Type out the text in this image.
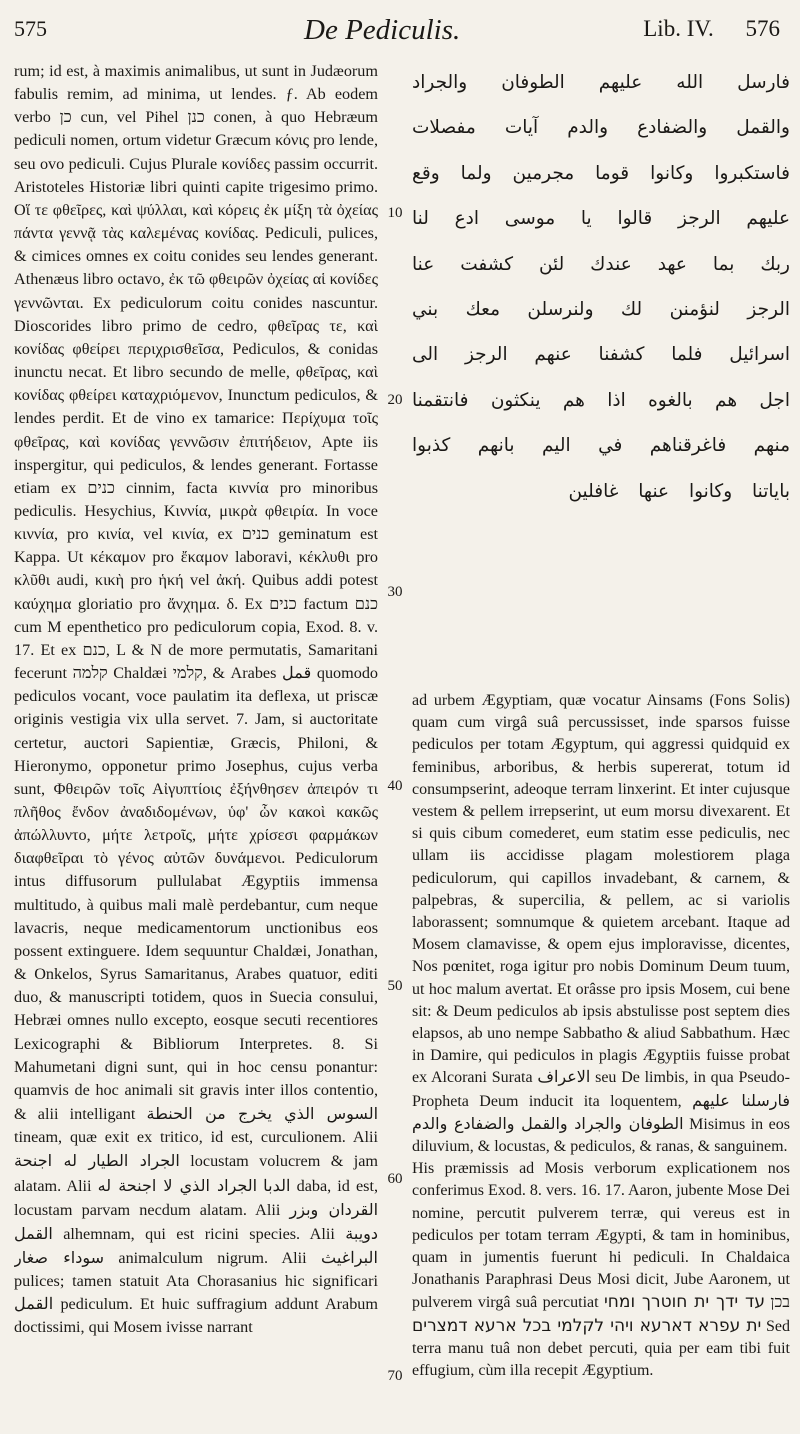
575	De Pediculis.	Lib. IV. 576

rum; id est, à maximis animalibus, ut sunt in Judæorum fabulis remim, ad minima, ut lendes. ƒ. Ab eodem verbo כן cun, vel Pihel כנן conen, à quo Hebræum pediculi nomen, ortum videtur Græcum κόνις pro lende, seu ovo pediculi. Cujus Plurale κονίδες passim occurrit. Aristoteles Historiæ libri quinti capite trigesimo primo. Οἵ τε φθεῖρες, καὶ ψύλλαι, καὶ κόρεις ἐκ μίξη τὰ ὀχείας πάντα γεννᾷ τὰς καλεμένας κονίδας. Pediculi, pulices, & cimices omnes ex coitu conides seu lendes generant. Athenæus libro octavo, ἐκ τῶ φθειρῶν ὀχείας αἱ κονίδες γεννῶνται. Ex pediculorum coitu conides nascuntur. Dioscorides libro primo de cedro, φθεῖρας τε, καὶ κονίδας φθείρει περιχρισθεῖσα, Pediculos, & conidas inunctu necat. Et libro secundo de melle, φθεῖρας, καὶ κονίδας φθείρει καταχριόμενον, Inunctum pediculos, & lendes perdit. Et de vino ex tamarice: Περίχυμα τοῖς φθεῖρας, καὶ κονίδας γεννῶσιν ἐπιτήδειον, Apte iis inspergitur, qui pediculos, & lendes generant. Fortasse etiam ex כנים cinnim, facta κιννία pro minoribus pediculis. Hesychius, Κιννία, μικρὰ φθειρία. In voce κιννία, pro κινία, vel κινία, ex כנים geminatum est Kappa. Ut κέκαμον pro ἔκαμον laboravi, κέκλυθι pro κλῦθι audi, κικὴ pro ἡκή vel ἀκή. Quibus addi potest καύχημα gloriatio pro ἄνχημα. δ. Ex כנים factum כנם cum M epenthetico pro pediculorum copia, Exod. 8. v. 17. Et ex כנם, L & N de more permutatis, Samaritani fecerunt קלמה Chaldæi קלמי, & Arabes قمل quomodo pediculos vocant, voce paulatim ita deflexa, ut priscæ originis vestigia vix ulla servet. 7. Jam, si auctoritate certetur, auctori Sapientiæ, Græcis, Philoni, & Hieronymo, opponetur primo Josephus, cujus verba sunt, Φθειρῶν τοῖς Αἰγυπτίοις ἐξήνθησεν ἀπειρόν τι πλῆθος ἔνδον ἀναδιδομένων, ὑφ' ὧν κακοὶ κακῶς ἀπώλλυντο, μήτε λετροῖς, μήτε χρίσεσι φαρμάκων διαφθεῖραι τὸ γένος αὐτῶν δυνάμενοι. Pediculorum intus diffusorum pullulabat Ægyptiis immensa multitudo, à quibus mali malè perdebantur, cum neque lavacris, neque medicamentorum unctionibus eos possent extinguere. Idem sequuntur Chaldæi, Jonathan, & Onkelos, Syrus Samaritanus, Arabes quatuor, editi duo, & manuscripti totidem, quos in Suecia consului, Hebræi omnes nullo excepto, eosque secuti recentiores Lexicographi & Bibliorum Interpretes. 8. Si Mahumetani digni sunt, qui in hoc censu ponantur: quamvis de hoc animali sit gravis inter illos contentio, & alii intelligant السوس الذي يخرج من الحنطة tineam, quæ exit ex tritico, id est, curculionem. Alii الجراد الطيار له اجنحة locustam volucrem & jam alatam. Alii الدبا الجراد الذي لا اجنحة له daba, id est, locustam parvam necdum alatam. Alii القردان وبزر القمل alhemnam, qui est ricini species. Alii دويبة سوداء صغار animalculum nigrum. Alii البراغيث pulices; tamen statuit Ata Chorasanius hic significari القمل pediculum. Et huic suffragium addunt Arabum doctissimi, qui Mosem ivisse narrant

10
20
30
40
50
60
70
فارسل الله عليهم الطوفان والجراد والقمل والضفادع والدم آيات مفصلات فاستكبروا وكانوا قوما مجرمين ولما وقع عليهم الرجز قالوا يا موسى ادع لنا ربك بما عهد عندك لئن كشفت عنا الرجز لنؤمنن لك ولنرسلن معك بني اسرائيل فلما كشفنا عنهم الرجز الى اجل هم بالغوه اذا هم ينكثون فانتقمنا منهم فاغرقناهم في اليم بانهم كذبوا باياتنا وكانوا عنها غافلين

ad urbem Ægyptiam, quæ vocatur Ainsams (Fons Solis) quam cum virgâ suâ percussisset, inde sparsos fuisse pediculos per totam Ægyptum, qui aggressi quidquid ex feminibus, arboribus, & herbis supererat, totum id consumpserint, adeoque terram linxerint. Et inter cujusque vestem & pellem irrepserint, ut eum morsu divexarent. Et si quis cibum comederet, eum statim esse pediculis, nec ullam iis accidisse plagam molestiorem plaga pediculorum, qui capillos invadebant, & carnem, & palpebras, & supercilia, & pellem, ac si variolis laborassent; somnumque & quietem arcebant. Itaque ad Mosem clamavisse, & opem ejus imploravisse, dicentes, Nos pœnitet, roga igitur pro nobis Dominum Deum tuum, ut hoc malum avertat. Et orâsse pro ipsis Mosem, cui bene sit: & Deum pediculos ab ipsis abstulisse post septem dies elapsos, ab uno nempe Sabbatho & aliud Sabbathum. Hæc in Damire, qui pediculos in plagis Ægyptiis fuisse probat ex Alcorani Surata الاعراف seu De limbis, in qua Pseudo-Propheta Deum inducit ita loquentem, فارسلنا عليهم الطوفان والجراد والقمل والضفادع والدم Misimus in eos diluvium, & locustas, & pediculos, & ranas, & sanguinem.

His præmissis ad Mosis verborum explicationem nos conferimus Exod. 8. vers. 16. 17. Aaron, jubente Mose Dei nomine, percutit pulverem terræ, qui vereus est in pediculos per totam terram Ægypti, & tam in hominibus, quam in jumentis fuerunt hi pediculi. In Chaldaica Jonathanis Paraphrasi Deus Mosi dicit, Jube Aaronem, ut pulverem virgâ suâ percutiat בכן עד ידך ית חוטרך ומחי ית עפרא דארעא ויהי לקלמי בכל ארעא דמצרים Sed terra manu tuâ non debet percuti, quia per eam tibi fuit effugium, cùm illa recepit Ægyptium.
